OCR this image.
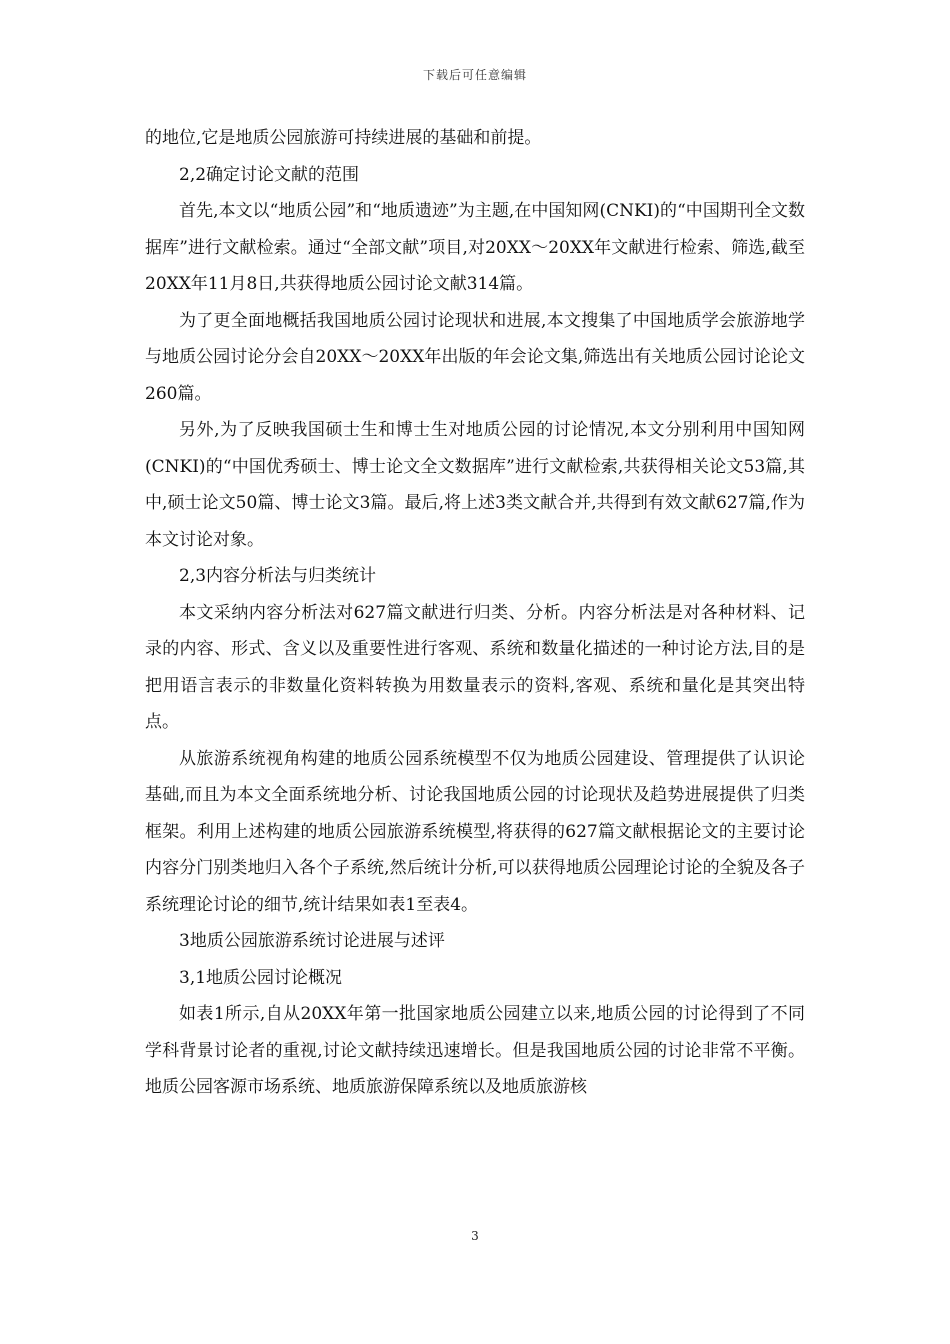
下载后可任意编辑

的地位,它是地质公园旅游可持续进展的基础和前提。

2,2确定讨论文献的范围

首先,本文以“地质公园”和“地质遗迹”为主题,在中国知网(CNKI)的“中国期刊全文数据库”进行文献检索。通过“全部文献”项目,对20XX～20XX年文献进行检索、筛选,截至20XX年11月8日,共获得地质公园讨论文献314篇。

为了更全面地概括我国地质公园讨论现状和进展,本文搜集了中国地质学会旅游地学与地质公园讨论分会自20XX～20XX年出版的年会论文集,筛选出有关地质公园讨论论文260篇。

另外,为了反映我国硕士生和博士生对地质公园的讨论情况,本文分别利用中国知网(CNKI)的“中国优秀硕士、博士论文全文数据库”进行文献检索,共获得相关论文53篇,其中,硕士论文50篇、博士论文3篇。最后,将上述3类文献合并,共得到有效文献627篇,作为本文讨论对象。

2,3内容分析法与归类统计

本文采纳内容分析法对627篇文献进行归类、分析。内容分析法是对各种材料、记录的内容、形式、含义以及重要性进行客观、系统和数量化描述的一种讨论方法,目的是把用语言表示的非数量化资料转换为用数量表示的资料,客观、系统和量化是其突出特点。

从旅游系统视角构建的地质公园系统模型不仅为地质公园建设、管理提供了认识论基础,而且为本文全面系统地分析、讨论我国地质公园的讨论现状及趋势进展提供了归类框架。利用上述构建的地质公园旅游系统模型,将获得的627篇文献根据论文的主要讨论内容分门别类地归入各个子系统,然后统计分析,可以获得地质公园理论讨论的全貌及各子系统理论讨论的细节,统计结果如表1至表4。

3地质公园旅游系统讨论进展与述评

3,1地质公园讨论概况

如表1所示,自从20XX年第一批国家地质公园建立以来,地质公园的讨论得到了不同学科背景讨论者的重视,讨论文献持续迅速增长。但是我国地质公园的讨论非常不平衡。地质公园客源市场系统、地质旅游保障系统以及地质旅游核

3
